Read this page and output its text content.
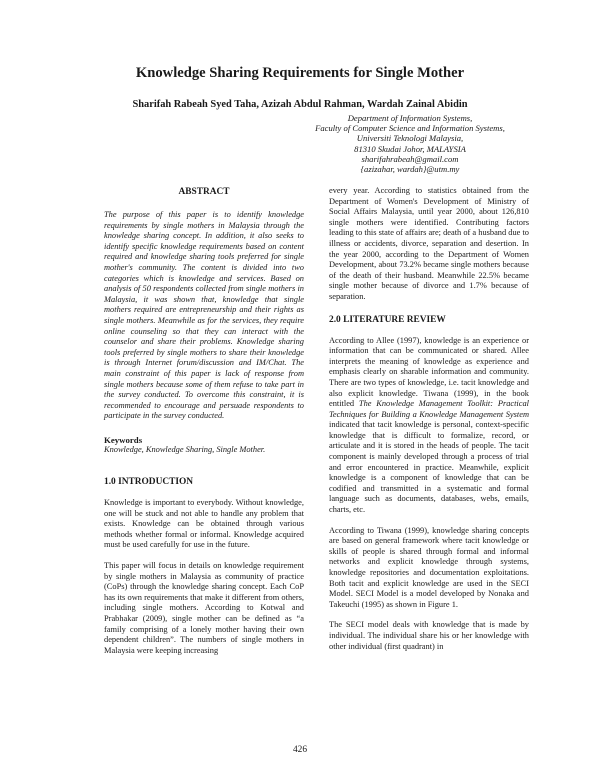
Knowledge Sharing Requirements for Single Mother

Sharifah Rabeah Syed Taha, Azizah Abdul Rahman, Wardah Zainal Abidin

Department of Information Systems,
Faculty of Computer Science and Information Systems,
Universiti Teknologi Malaysia,
81310 Skudai Johor, MALAYSIA
sharifahrabeah@gmail.com
{azizahar, wardah}@utm.my
ABSTRACT

The purpose of this paper is to identify knowledge requirements by single mothers in Malaysia through the knowledge sharing concept. In addition, it also seeks to identify specific knowledge requirements based on content required and knowledge sharing tools preferred for single mother's community. The content is divided into two categories which is knowledge and services. Based on analysis of 50 respondents collected from single mothers in Malaysia, it was shown that, knowledge that single mothers required are entrepreneurship and their rights as single mothers. Meanwhile as for the services, they require online counseling so that they can interact with the counselor and share their problems. Knowledge sharing tools preferred by single mothers to share their knowledge is through Internet forum/discussion and IM/Chat. The main constraint of this paper is lack of response from single mothers because some of them refuse to take part in the survey conducted. To overcome this constraint, it is recommended to encourage and persuade respondents to participate in the survey conducted.

Keywords

Knowledge, Knowledge Sharing, Single Mother.

1.0 INTRODUCTION

Knowledge is important to everybody. Without knowledge, one will be stuck and not able to handle any problem that exists. Knowledge can be obtained through various methods whether formal or informal. Knowledge acquired must be used carefully for use in the future.

This paper will focus in details on knowledge requirement by single mothers in Malaysia as community of practice (CoPs) through the knowledge sharing concept. Each CoP has its own requirements that make it different from others, including single mothers. According to Kotwal and Prabhakar (2009), single mother can be defined as “a family comprising of a lonely mother having their own dependent children”. The numbers of single mothers in Malaysia were keeping increasing

every year. According to statistics obtained from the Department of Women's Development of Ministry of Social Affairs Malaysia, until year 2000, about 126,810 single mothers were identified. Contributing factors leading to this state of affairs are; death of a husband due to illness or accidents, divorce, separation and desertion. In the year 2000, according to the Department of Women Development, about 73.2% became single mothers because of the death of their husband. Meanwhile 22.5% became single mother because of divorce and 1.7% because of separation.

2.0 LITERATURE REVIEW

According to Allee (1997), knowledge is an experience or information that can be communicated or shared. Allee interprets the meaning of knowledge as experience and emphasis clearly on sharable information and community. There are two types of knowledge, i.e. tacit knowledge and also explicit knowledge. Tiwana (1999), in the book entitled The Knowledge Management Toolkit: Practical Techniques for Building a Knowledge Management System indicated that tacit knowledge is personal, context-specific knowledge that is difficult to formalize, record, or articulate and it is stored in the heads of people. The tacit component is mainly developed through a process of trial and error encountered in practice. Meanwhile, explicit knowledge is a component of knowledge that can be codified and transmitted in a systematic and formal language such as documents, databases, webs, emails, charts, etc.

According to Tiwana (1999), knowledge sharing concepts are based on general framework where tacit knowledge or skills of people is shared through formal and informal networks and explicit knowledge through systems, knowledge repositories and documentation exploitations. Both tacit and explicit knowledge are used in the SECI Model. SECI Model is a model developed by Nonaka and Takeuchi (1995) as shown in Figure 1.

The SECI model deals with knowledge that is made by individual. The individual share his or her knowledge with other individual (first quadrant) in

426
